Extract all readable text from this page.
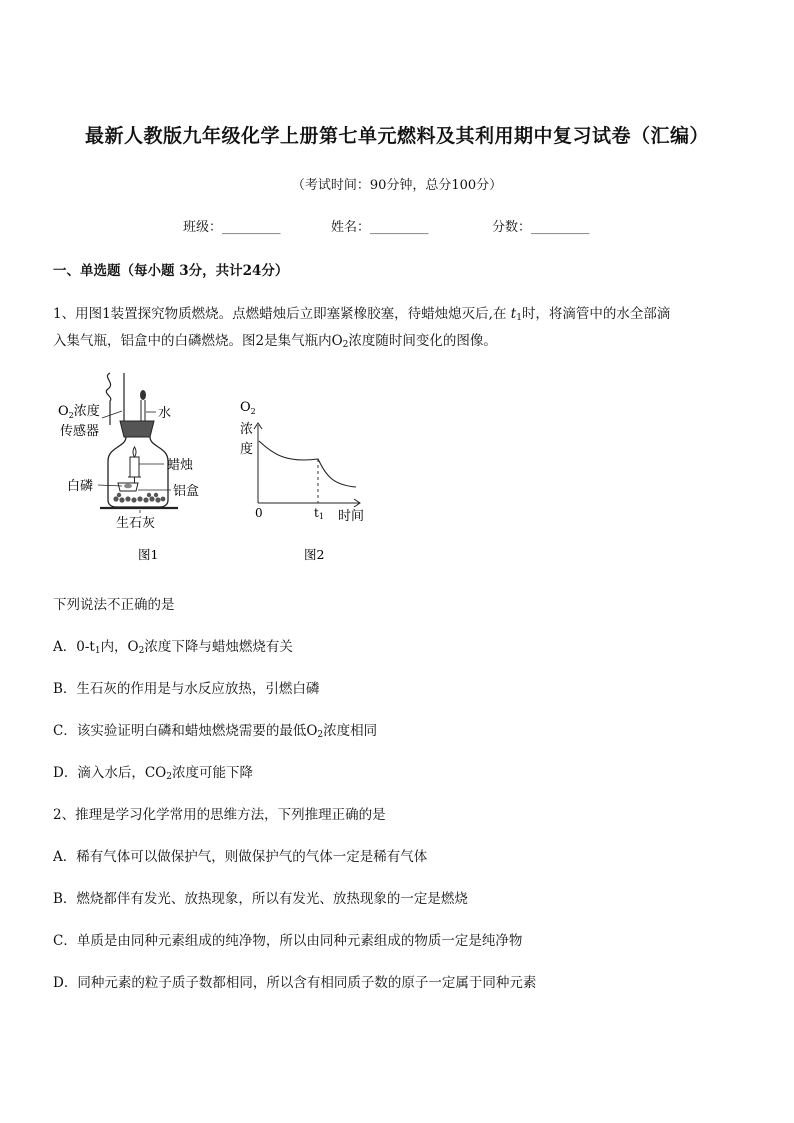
最新人教版九年级化学上册第七单元燃料及其利用期中复习试卷（汇编）
（考试时间：90分钟，总分100分）
班级：_________	姓名：_________	分数：_________
一、单选题（每小题 3分，共计24分）
1、用图1装置探究物质燃烧。点燃蜡烛后立即塞紧橡胶塞，待蜡烛熄灭后,在 $t_1$时，将滴管中的水全部滴
入集气瓶，铝盒中的白磷燃烧。图2是集气瓶内$O_2$浓度随时间变化的图像。
$O_2$浓度
传感器
水
蜡烛
白磷	铝盒
生石灰
图1
$O_2$
浓
度
0	t1 时间
图2
下列说法不正确的是
A．$0-t_1$内，$O_2$浓度下降与蜡烛燃烧有关
B．生石灰的作用是与水反应放热，引燃白磷
C．该实验证明白磷和蜡烛燃烧需要的最低$O_2$浓度相同
D．滴入水后，$CO_2$浓度可能下降
2、推理是学习化学常用的思维方法，下列推理正确的是
A．稀有气体可以做保护气，则做保护气的气体一定是稀有气体
B．燃烧都伴有发光、放热现象，所以有发光、放热现象的一定是燃烧
C．单质是由同种元素组成的纯净物，所以由同种元素组成的物质一定是纯净物
D．同种元素的粒子质子数都相同，所以含有相同质子数的原子一定属于同种元素
